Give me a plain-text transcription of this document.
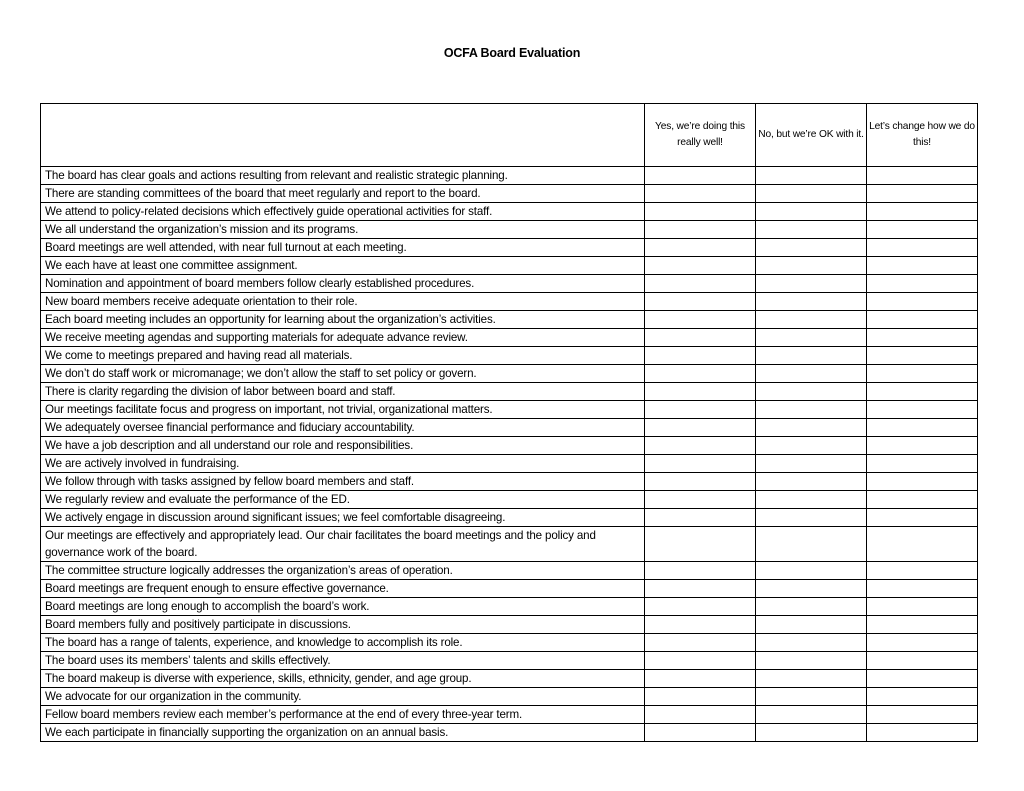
OCFA Board Evaluation
	Yes, we’re doing this really well!	No, but we’re OK with it.	Let’s change how we do this!
The board has clear goals and actions resulting from relevant and realistic strategic planning.			
There are standing committees of the board that meet regularly and report to the board.			
We attend to policy-related decisions which effectively guide operational activities for staff.			
We all understand the organization’s mission and its programs.			
Board meetings are well attended, with near full turnout at each meeting.			
We each have at least one committee assignment.			
Nomination and appointment of board members follow clearly established procedures.			
New board members receive adequate orientation to their role.			
Each board meeting includes an opportunity for learning about the organization’s activities.			
We receive meeting agendas and supporting materials for adequate advance review.			
We come to meetings prepared and having read all materials.			
We don’t do staff work or micromanage; we don’t allow the staff to set policy or govern.			
There is clarity regarding the division of labor between board and staff.			
Our meetings facilitate focus and progress on important, not trivial, organizational matters.			
We adequately oversee financial performance and fiduciary accountability.			
We have a job description and all understand our role and responsibilities.			
We are actively involved in fundraising.			
We follow through with tasks assigned by fellow board members and staff.			
We regularly review and evaluate the performance of the ED.			
We actively engage in discussion around significant issues; we feel comfortable disagreeing.			
Our meetings are effectively and appropriately lead. Our chair facilitates the board meetings and the policy and governance work of the board.			
The committee structure logically addresses the organization’s areas of operation.			
Board meetings are frequent enough to ensure effective governance.			
Board meetings are long enough to accomplish the board’s work.			
Board members fully and positively participate in discussions.			
The board has a range of talents, experience, and knowledge to accomplish its role.			
The board uses its members’ talents and skills effectively.			
The board makeup is diverse with experience, skills, ethnicity, gender, and age group.			
We advocate for our organization in the community.			
Fellow board members review each member’s performance at the end of every three-year term.			
We each participate in financially supporting the organization on an annual basis.			
